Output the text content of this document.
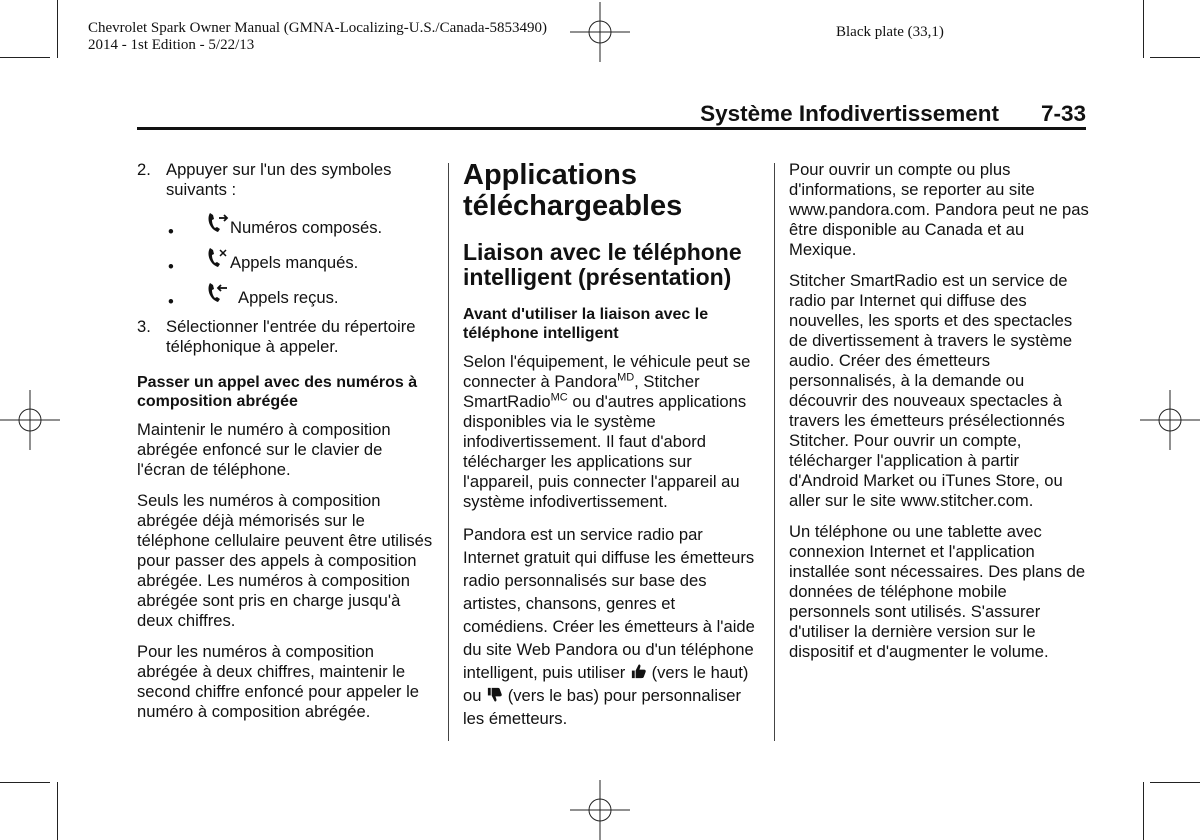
Chevrolet Spark Owner Manual (GMNA-Localizing-U.S./Canada-5853490)
2014 - 1st Edition - 5/22/13
Black plate (33,1)
Système Infodivertissement 7-33
2. Appuyer sur l'un des symboles suivants :
•	Numéros composés.
•	Appels manqués.
•	Appels reçus.
3. Sélectionner l'entrée du répertoire téléphonique à appeler.
Passer un appel avec des numéros à composition abrégée

Maintenir le numéro à composition abrégée enfoncé sur le clavier de l'écran de téléphone.

Seuls les numéros à composition abrégée déjà mémorisés sur le téléphone cellulaire peuvent être utilisés pour passer des appels à composition abrégée. Les numéros à composition abrégée sont pris en charge jusqu'à deux chiffres.

Pour les numéros à composition abrégée à deux chiffres, maintenir le second chiffre enfoncé pour appeler le numéro à composition abrégée.

Applications téléchargeables
Liaison avec le téléphone intelligent (présentation)
Avant d'utiliser la liaison avec le téléphone intelligent

Selon l'équipement, le véhicule peut se connecter à Pandora$^{MD}$, Stitcher SmartRadio$^{MC}$ ou d'autres applications disponibles via le système infodivertissement. Il faut d'abord télécharger les applications sur l'appareil, puis connecter l'appareil au système infodivertissement.

Pandora est un service radio par Internet gratuit qui diffuse les émetteurs radio personnalisés sur base des artistes, chansons, genres et comédiens. Créer les émetteurs à l'aide du site Web Pandora ou d'un téléphone intelligent, puis utiliser (vers le haut) ou (vers le bas) pour personnaliser les émetteurs.

Pour ouvrir un compte ou plus d'informations, se reporter au site www.pandora.com. Pandora peut ne pas être disponible au Canada et au Mexique.

Stitcher SmartRadio est un service de radio par Internet qui diffuse des nouvelles, les sports et des spectacles de divertissement à travers le système audio. Créer des émetteurs personnalisés, à la demande ou découvrir des nouveaux spectacles à travers les émetteurs présélectionnés Stitcher. Pour ouvrir un compte, télécharger l'application à partir d'Android Market ou iTunes Store, ou aller sur le site www.stitcher.com.

Un téléphone ou une tablette avec connexion Internet et l'application installée sont nécessaires. Des plans de données de téléphone mobile personnels sont utilisés. S'assurer d'utiliser la dernière version sur le dispositif et d'augmenter le volume.
